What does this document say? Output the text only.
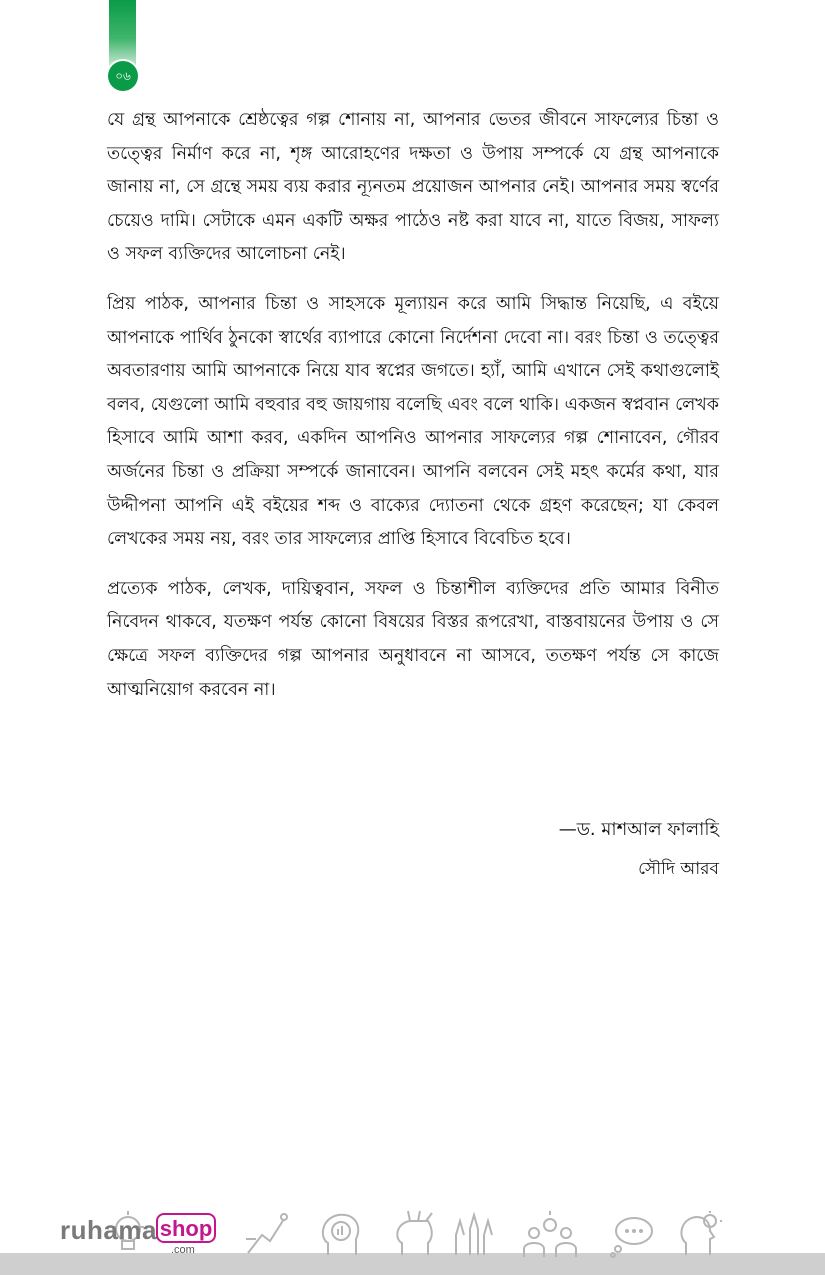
০৬

যে গ্রন্থ আপনাকে শ্রেষ্ঠত্বের গল্প শোনায় না, আপনার ভেতর জীবনে সাফল্যের চিন্তা ও তত্ত্বের নির্মাণ করে না, শৃঙ্গ আরোহণের দক্ষতা ও উপায় সম্পর্কে যে গ্রন্থ আপনাকে জানায় না, সে গ্রন্থে সময় ব্যয় করার ন্যূনতম প্রয়োজন আপনার নেই। আপনার সময় স্বর্ণের চেয়েও দামি। সেটাকে এমন একটি অক্ষর পাঠেও নষ্ট করা যাবে না, যাতে বিজয়, সাফল্য ও সফল ব্যক্তিদের আলোচনা নেই।

প্রিয় পাঠক, আপনার চিন্তা ও সাহসকে মূল্যায়ন করে আমি সিদ্ধান্ত নিয়েছি, এ বইয়ে আপনাকে পার্থিব ঠুনকো স্বার্থের ব্যাপারে কোনো নির্দেশনা দেবো না। বরং চিন্তা ও তত্ত্বের অবতারণায় আমি আপনাকে নিয়ে যাব স্বপ্নের জগতে। হ্যাঁ, আমি এখানে সেই কথাগুলোই বলব, যেগুলো আমি বহুবার বহু জায়গায় বলেছি এবং বলে থাকি। একজন স্বপ্নবান লেখক হিসাবে আমি আশা করব, একদিন আপনিও আপনার সাফল্যের গল্প শোনাবেন, গৌরব অর্জনের চিন্তা ও প্রক্রিয়া সম্পর্কে জানাবেন। আপনি বলবেন সেই মহৎ কর্মের কথা, যার উদ্দীপনা আপনি এই বইয়ের শব্দ ও বাক্যের দ্যোতনা থেকে গ্রহণ করেছেন; যা কেবল লেখকের সময় নয়, বরং তার সাফল্যের প্রাপ্তি হিসাবে বিবেচিত হবে।

প্রত্যেক পাঠক, লেখক, দায়িত্ববান, সফল ও চিন্তাশীল ব্যক্তিদের প্রতি আমার বিনীত নিবেদন থাকবে, যতক্ষণ পর্যন্ত কোনো বিষয়ের বিস্তর রূপরেখা, বাস্তবায়নের উপায় ও সে ক্ষেত্রে সফল ব্যক্তিদের গল্প আপনার অনুধাবনে না আসবে, ততক্ষণ পর্যন্ত সে কাজে আত্মনিয়োগ করবেন না।

—ড. মাশআল ফালাহি
সৌদি আরব
ruhama shop
.com
